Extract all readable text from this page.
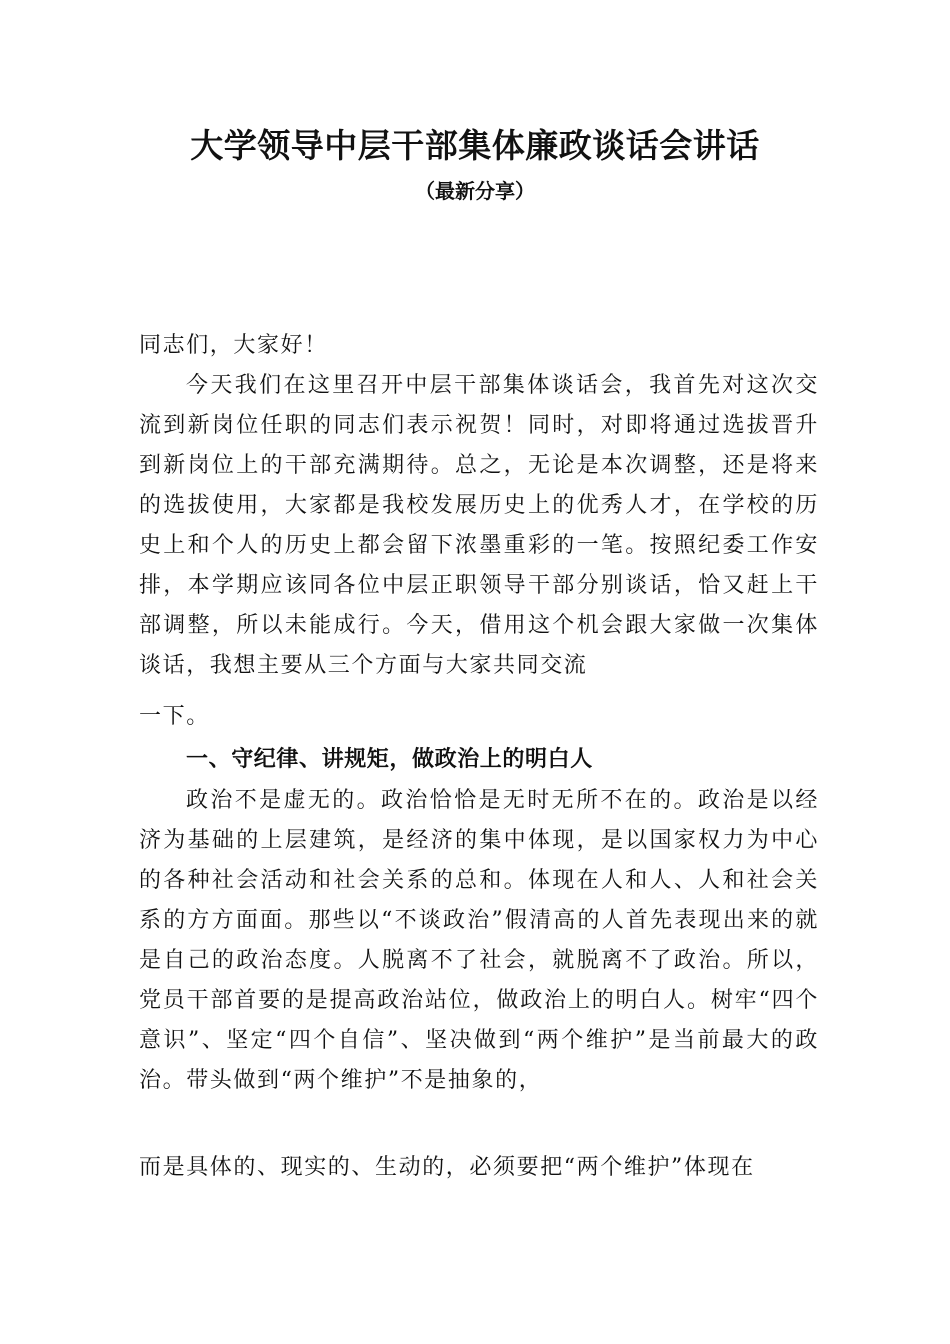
大学领导中层干部集体廉政谈话会讲话
（最新分享）

同志们，大家好！

今天我们在这里召开中层干部集体谈话会，我首先对这次交流到新岗位任职的同志们表示祝贺！同时，对即将通过选拔晋升到新岗位上的干部充满期待。总之，无论是本次调整，还是将来的选拔使用，大家都是我校发展历史上的优秀人才，在学校的历史上和个人的历史上都会留下浓墨重彩的一笔。按照纪委工作安排，本学期应该同各位中层正职领导干部分别谈话，恰又赶上干部调整，所以未能成行。今天，借用这个机会跟大家做一次集体谈话，我想主要从三个方面与大家共同交流

一下。

一、守纪律、讲规矩，做政治上的明白人

政治不是虚无的。政治恰恰是无时无所不在的。政治是以经济为基础的上层建筑，是经济的集中体现，是以国家权力为中心的各种社会活动和社会关系的总和。体现在人和人、人和社会关系的方方面面。那些以“不谈政治”假清高的人首先表现出来的就是自己的政治态度。人脱离不了社会，就脱离不了政治。所以，党员干部首要的是提高政治站位，做政治上的明白人。树牢“四个意识”、坚定“四个自信”、坚决做到“两个维护”是当前最大的政治。带头做到“两个维护”不是抽象的，

而是具体的、现实的、生动的，必须要把“两个维护”体现在
